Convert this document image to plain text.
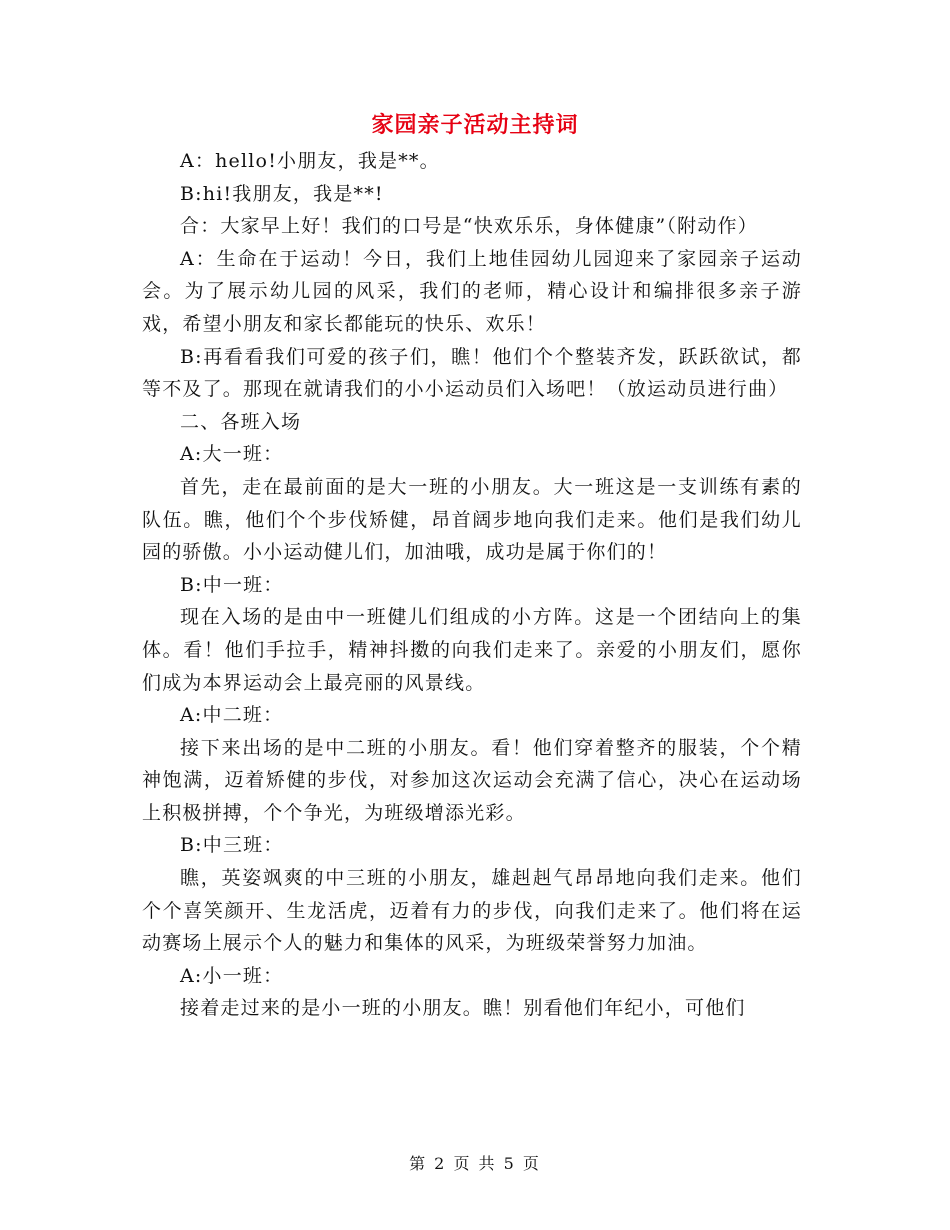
家园亲子活动主持词

A：hello!小朋友，我是**。

B:hi!我朋友，我是**!

合：大家早上好！我们的口号是“快欢乐乐，身体健康”（附动作）

A：生命在于运动！今日，我们上地佳园幼儿园迎来了家园亲子运动会。为了展示幼儿园的风采，我们的老师，精心设计和编排很多亲子游戏，希望小朋友和家长都能玩的快乐、欢乐！

B:再看看我们可爱的孩子们，瞧！他们个个整装齐发，跃跃欲试，都等不及了。那现在就请我们的小小运动员们入场吧！（放运动员进行曲）

二、各班入场

A:大一班：

首先，走在最前面的是大一班的小朋友。大一班这是一支训练有素的队伍。瞧，他们个个步伐矫健，昂首阔步地向我们走来。他们是我们幼儿园的骄傲。小小运动健儿们，加油哦，成功是属于你们的！

B:中一班：

现在入场的是由中一班健儿们组成的小方阵。这是一个团结向上的集体。看！他们手拉手，精神抖擞的向我们走来了。亲爱的小朋友们，愿你们成为本界运动会上最亮丽的风景线。

A:中二班：

接下来出场的是中二班的小朋友。看！他们穿着整齐的服装，个个精神饱满，迈着矫健的步伐，对参加这次运动会充满了信心，决心在运动场上积极拼搏，个个争光，为班级增添光彩。

B:中三班：

瞧，英姿飒爽的中三班的小朋友，雄赳赳气昂昂地向我们走来。他们个个喜笑颜开、生龙活虎，迈着有力的步伐，向我们走来了。他们将在运动赛场上展示个人的魅力和集体的风采，为班级荣誉努力加油。

A:小一班：

接着走过来的是小一班的小朋友。瞧！别看他们年纪小，可他们

第 2 页 共 5 页
